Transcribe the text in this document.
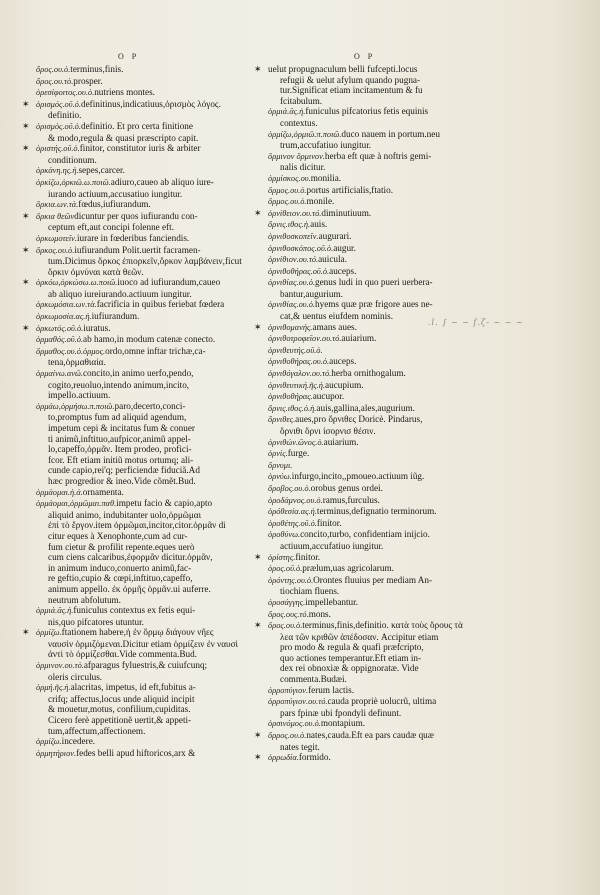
O P	O P
ὄρος.ου.ὁ.terminus,finis.
ὄρος.ου.τὸ.prosper.
ὀρεσίφοιτος.ου.ὁ.nutriens montes.
✶ ὁρισμός.οῦ.ὁ.definitinus,indicatiuus,ὁρισμὸς λόγος.
definitio.
✶ ὁρισμὸς.οῦ.ὁ.definitio. Et pro certa finitione
& modo,regula & quasi præscripto capit.
✶ ὁριστής.οῦ.ὁ.finitor, constitutor iuris & arbiter
conditionum.
ὁρκάνη.ης.ἡ.sepes,carcer.
ὁρκίζω,ὁρκιῶ.ω.ποιῶ.adiuro,caueo ab aliquo iure-
iurando actiuum,accusatiuo iungitur.
ὅρκια.ων.τὰ.fœdus,iufiurandum.
✶ ὅρκια θεῶνdicuntur per quos iufiurandu con-
ceptum eft,aut concipi folenne eft.
ὁρκωμοτεῖν.iurare in fœderibus fanciendis.
✶ ὅρκος.ου.ὁ.iufiurandum Polit.uertit facramen-
tum.Dicimus ὅρκος ἐπιορκεῖν,ὅρκον λαμβάνειν,ficut
ὅρκιν ὀμνύναι κατὰ θεῶν.
✶ ὁρκόω,ὁρκώσω.ω.ποιῶ.iuoco ad iufiurandum,caueo
ab aliquo iureiurando.actiuum iungitur.
ὁρκωμόσια.ων.τὰ.facrificia in quibus feriebat fœdera
ὁρκωμοσία.ας.ἡ.iufiurandum.
✶ ὁρκωτός.οῦ.ὁ.iuratus.
ὁρμαθός.οῦ.ὁ.ab hamo,in modum catenæ conecto.
ὅρμαθος.ου.ὁ.ὁρμος.ordo,omne inftar trichæ,ca-
tena,ὁρμαθιαία.
ὁρμαίνω.ανῶ.concito,in animo uerfo,pendo,
cogito,reuoluo,intendo animum,incito,
impello.actiuum.
ὁρμάω,ὁρμήσω.π.ποιῶ.paro,decerto,conci-
to,promptus fum ad aliquid agendum,
impetum cepi & incitatus fum & conuer
ti animũ,inftituo,aufpicor,animũ appel-
lo,capeffo,ὁρμᾶν. Item prodeo, profici-
fcor. Eft etiam initiũ motus ortumq; ali-
cunde capio,rei'q; perficiendæ fiduciã.Ad
hæc progredior & ineo.Vide cõmẽt.Bud.
ὁρμάομαι.ἡ.ἀ.ornamenta.
ὁρμάομαι,ὁρμῶμαι.παθ.impetu facio & capio,apto
aliquid animo, indubitanter uolo,ὁρμῶμαι
ἐπὶ τὸ ἔργον.item ὁρμῶμαι,incitor,citor.ὁρμᾶν di
citur eques à Xenophonte,cum ad cur-
fum cietur & profilit repente.eques uerò
cum ciens calcaribus,ἐφορμᾶν dicitur.ὁρμᾶν,
in animum induco,conuerto animũ,fac-
re geftio,cupio & cœpi,inftituo,capeffo,
animum appello. ἐκ ὁρμῆς ὁρμᾶν.ui auferre.
neutrum abfolutum.
ὁρμιά.ᾶς.ἡ.funiculus contextus ex fetis equi-
nis,quo pifcatores utuntur.
✶ ὁρμίζω.ftationem habere,ἡ ἐν ὅρμῳ διάγουν νῆες
ναυσὶν ὁρμιζόμεναι.Dicitur etiam ὁρμίζειν ἐν ναυσὶ
ἀντὶ τὸ ὁρμίζεσθαι.Vide commenta.Bud.
ὁρμινον.ου.τὸ.afparagus fyluestris,& cuiufcunq;
oleris circulus.
ὁρμή.ῆς.ἡ.alacritas, impetus, id eft,fubitus a-
crifq; affectus,locus unde aliquid incipit
& mouetur,motus, confilium,cupiditas.
Cicero ferè appetitionẽ uertit,& appeti-
tum,affectum,affectionem.
ὁρμίζω.incedere.
ὁρμητήριον.fedes belli apud hiftoricos,arx &
✶ uelut propugnaculum belli fufcepti.locus
refugii & uelut afylum quando pugna-
tur.Significat etiam incitamentum & fu
fcitabulum.
ὁρμιά.ᾶς.ἡ.funiculus pifcatorius fetis equinis
contextus.
ὁρμίζω,ὁρμιῶ.π.ποιῶ.duco nauem in portum.neu
trum,accufatiuo iungitur.
ὅρμινον ὅρμινον.herba eft quæ à noftris gemi-
nalis dicitur.
ὁρμίσκος.ου.monilia.
ὅρμος.ου.ὁ.portus artificialis,ftatio.
ὅρμος.ου.ὁ.monile.
✶ ὀρνίθειον.ου.τό.diminutiuum.
ὄρνις.ιθος.ἡ.auis.
ὀρνιθοσκοπεῖν.augurari.
ὀρνιθοσκόπος.οῦ.ὁ.augur.
ὀρνίθιον.ου.τό.auicula.
ὀρνιθοθήρας.οῦ.ὁ.auceps.
ὀρνιθίας.ου.ὁ.genus ludi in quo pueri uerbera-
bantur,augurium.
ὀρνιθίας.ου.ὁ.hyems quæ præ frigore aues ne-
cat,& uentus eiufdem nominis.
✶ ὀρνιθομανής.amans aues.
ὀρνιθοτροφεῖον.ου.τό.auiarium.
ὀρνιθευτής.οῦ.ὁ.
ὀρνιθοθήρας.ου.ὁ.auceps.
ὀρνιθόγαλον.ου.τό.herba ornithogalum.
ὀρνιθευτική.ῆς.ἡ.aucupium.
ὀρνιθοθήρας.aucupor.
ὄρνις.ιθος.ὁ.ἡ.auis,gallina,ales,augurium.
ὄρνιθες.aues,pro ὄρνιθες Doricè. Pindarus,
ὄρνιθι ὄρνι ἰσορνισ θέσιν.
ὀρνιθών.ῶνος.ὁ.auiarium.
ὀρνίς.furge.
ὄρνυμι.
ὀρνύω.infurgo,incito,,pmoueo.actiuum iũg.
ὄροβος.ου.ὁ.orobus genus ordei.
ὀροδάμνος.ου.ὁ.ramus,furculus.
ὁρόθεσία.ας.ἡ.terminus,defignatio terminorum.
ὁροθέτης.οῦ.ὁ.finitor.
ὀροθύνω.concito,turbo, confidentiam inijcio.
actiuum,accufatiuo iungitur.
✶ ὁρίστης.finitor.
ὁρος.οῦ.ὁ.prælum,uas agricolarum.
ὀρόντης.ου.ὁ.Orontes fluuius per mediam An-
tiochiam fluens.
ὀροσάγγης.impellebantur.
ὄρος.ους.τό.mons.
✶ ὅρος.ου.ὁ.terminus,finis,definitio. κατὰ τοὺς ὅρους τὰ
λεα τῶν κριθῶν ἀπέδοσαν. Accipitur etiam
pro modo & regula & quafi præfcripto,
quo actiones temperantur.Eft etiam in-
dex rei obnoxiæ & oppignoratæ. Vide
commenta.Budæi.
ὀρροπύγιον.ferum lactis.
ὀρροπύγιον.ου.τό.cauda propriè uolucrũ, ultima
pars fpinæ ubi fpondyli definunt.
ὀρσινόμος.ου.ὁ.montapium.
✶ ὄρρος.ου.ὁ.nates,cauda.Eft ea pars caudæ quæ
nates tegit.
✶ ὀρρωδία.formido.
.l. ∫ ~ ~ ſ.ζ- ~ ~ ~
